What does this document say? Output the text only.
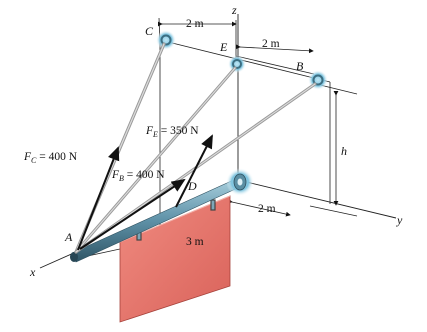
C
E
B
D
A
z
y
x
2 m
2 m
h
2 m
3 m
$F_C = 400$ N
$F_E = 350$ N
$F_B = 400$ N
